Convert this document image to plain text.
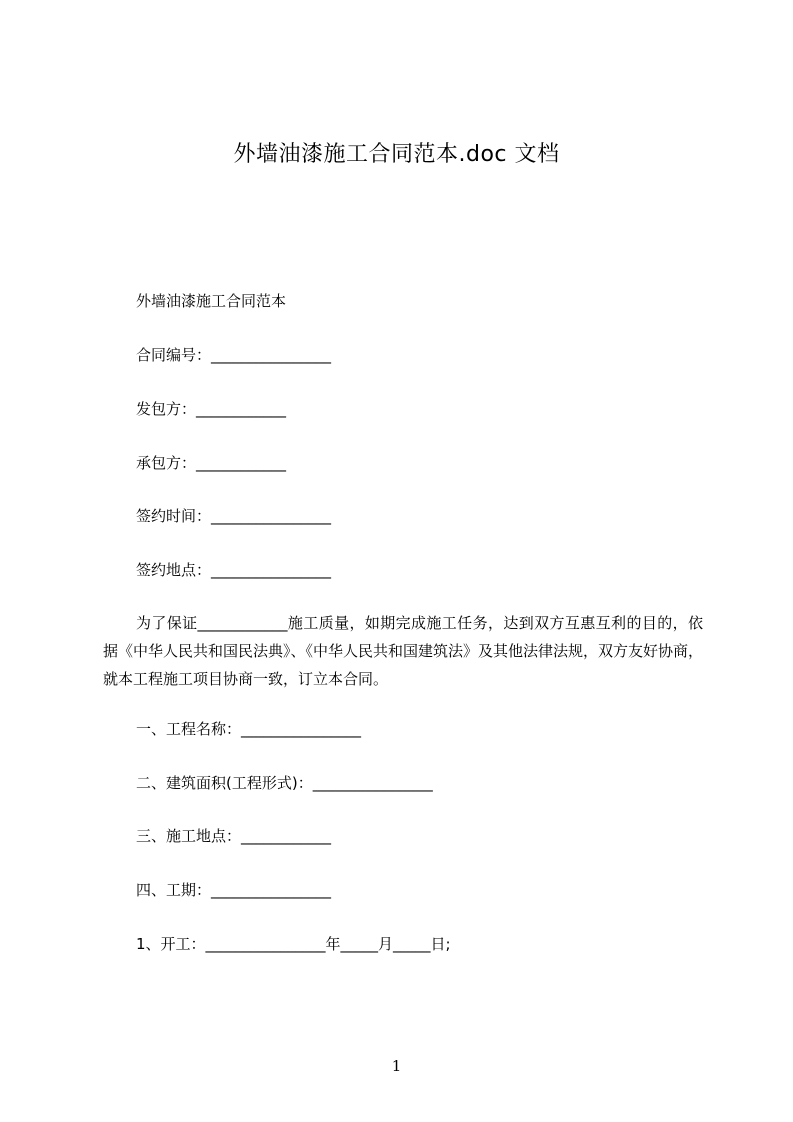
外墙油漆施工合同范本.doc 文档
外墙油漆施工合同范本
合同编号：________________
发包方：____________
承包方：____________
签约时间：________________
签约地点：________________
为了保证____________施工质量，如期完成施工任务，达到双方互惠互利的目的，依据《中华人民共和国民法典》、《中华人民共和国建筑法》及其他法律法规，双方友好协商，就本工程施工项目协商一致，订立本合同。
一、工程名称：________________
二、建筑面积(工程形式)：________________
三、施工地点：____________
四、工期：________________
1、开工：________________年_____月_____日;
1
